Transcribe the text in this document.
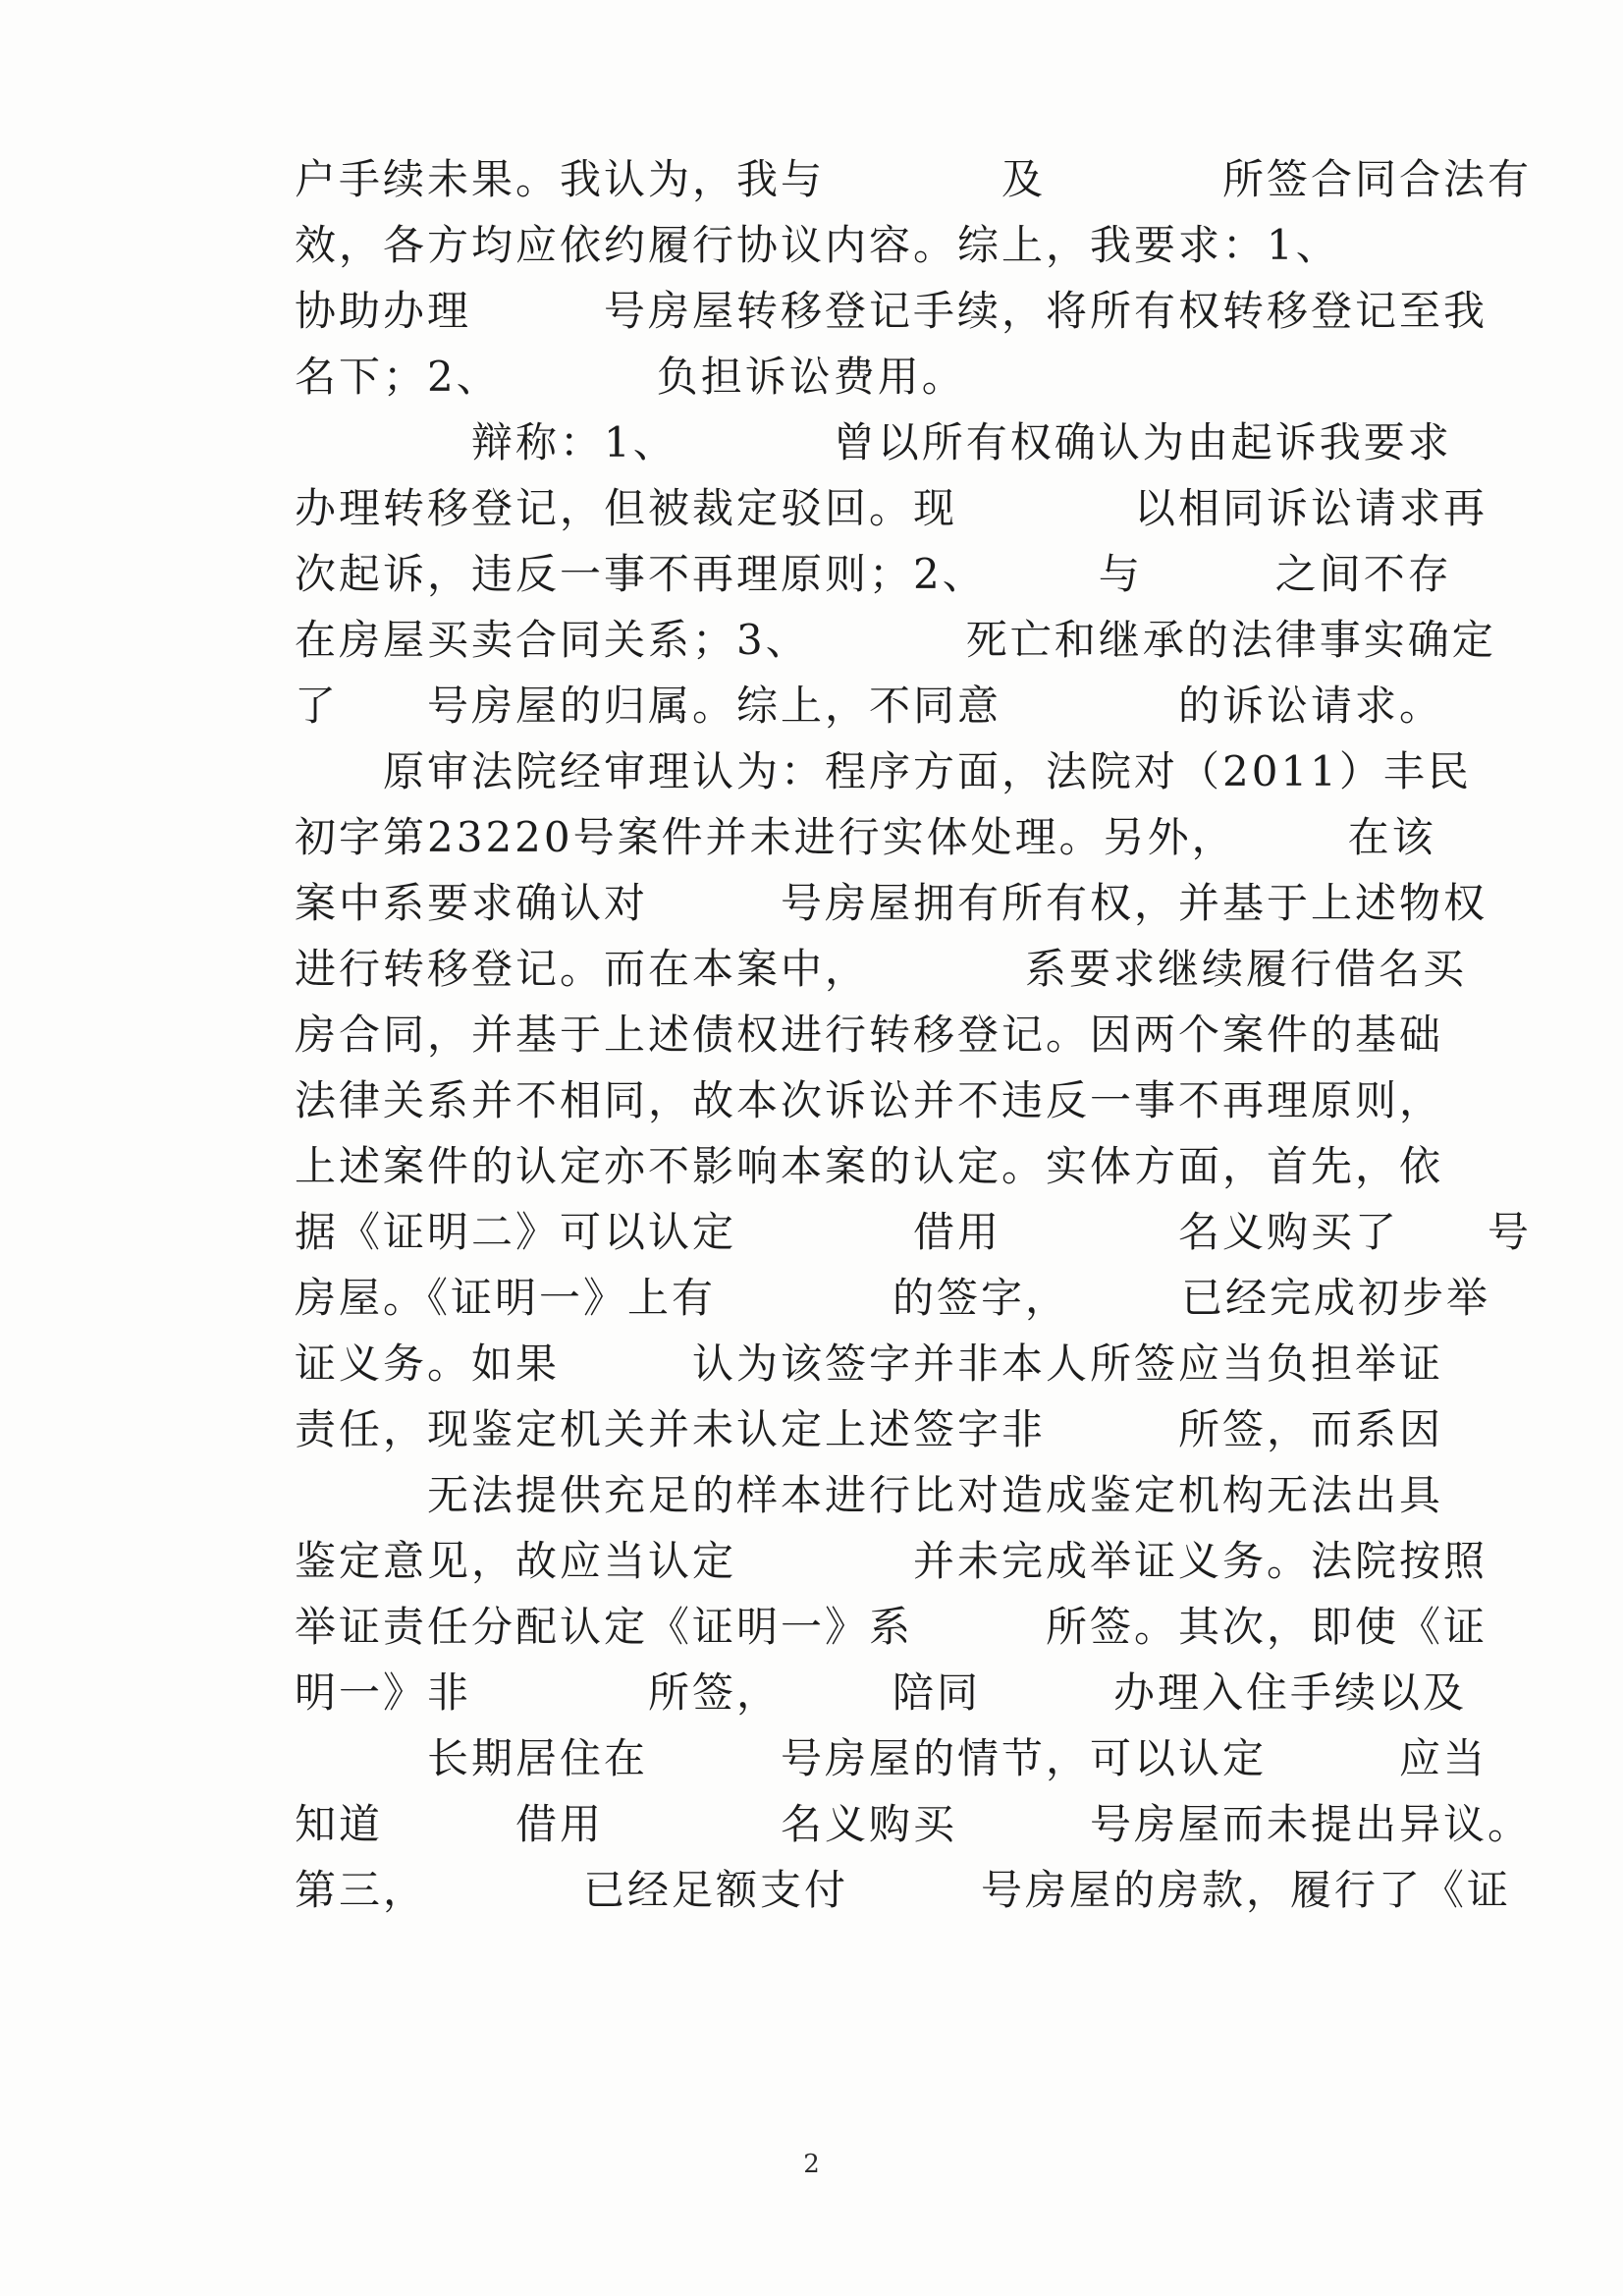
户手续未果。我认为，我与　　　　及　　　　所签合同合法有
效，各方均应依约履行协议内容。综上，我要求：1、
协助办理　　　号房屋转移登记手续，将所有权转移登记至我
名下；2、　　　　负担诉讼费用。
　　　　辩称：1、　　　　曾以所有权确认为由起诉我要求
办理转移登记，但被裁定驳回。现　　　　以相同诉讼请求再
次起诉，违反一事不再理原则；2、　　　与　　　之间不存
在房屋买卖合同关系；3、　　　　死亡和继承的法律事实确定
了　　号房屋的归属。综上，不同意　　　　的诉讼请求。
　　原审法院经审理认为：程序方面，法院对（2011）丰民
初字第23220号案件并未进行实体处理。另外，　　　在该
案中系要求确认对　　　号房屋拥有所有权，并基于上述物权
进行转移登记。而在本案中，　　　　系要求继续履行借名买
房合同，并基于上述债权进行转移登记。因两个案件的基础
法律关系并不相同，故本次诉讼并不违反一事不再理原则，
上述案件的认定亦不影响本案的认定。实体方面，首先，依
据《证明二》可以认定　　　　借用　　　　名义购买了　　号
房屋。《证明一》上有　　　　的签字，　　　已经完成初步举
证义务。如果　　　认为该签字并非本人所签应当负担举证
责任，现鉴定机关并未认定上述签字非　　　所签，而系因
　　　无法提供充足的样本进行比对造成鉴定机构无法出具
鉴定意见，故应当认定　　　　并未完成举证义务。法院按照
举证责任分配认定《证明一》系　　　所签。其次，即使《证
明一》非　　　　所签，　　　陪同　　　办理入住手续以及
　　　长期居住在　　　号房屋的情节，可以认定　　　应当
知道　　　借用　　　　名义购买　　　号房屋而未提出异议。
第三，　　　　已经足额支付　　　号房屋的房款，履行了《证
2
